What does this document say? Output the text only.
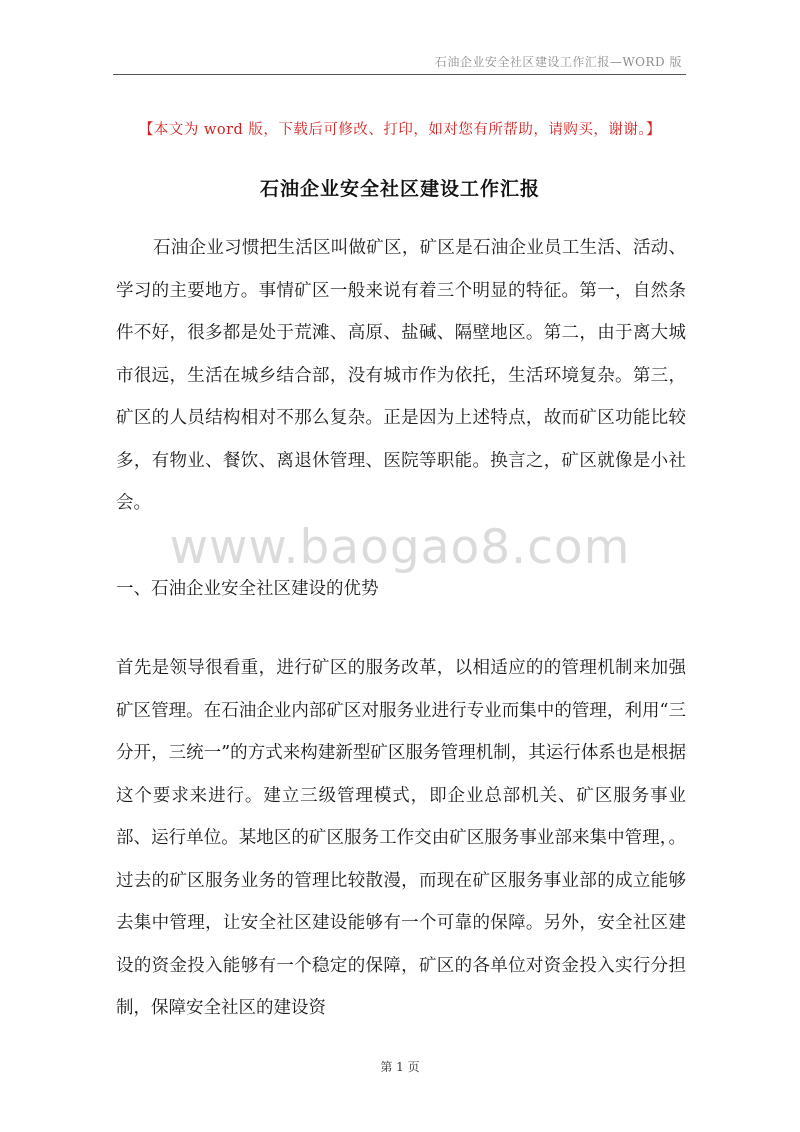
石油企业安全社区建设工作汇报—WORD 版
【本文为 word 版，下载后可修改、打印，如对您有所帮助，请购买，谢谢。】
石油企业安全社区建设工作汇报
石油企业习惯把生活区叫做矿区，矿区是石油企业员工生活、活动、学习的主要地方。事情矿区一般来说有着三个明显的特征。第一，自然条件不好，很多都是处于荒滩、高原、盐碱、隔壁地区。第二，由于离大城市很远，生活在城乡结合部，没有城市作为依托，生活环境复杂。第三，矿区的人员结构相对不那么复杂。正是因为上述特点，故而矿区功能比较多，有物业、餐饮、离退休管理、医院等职能。换言之，矿区就像是小社会。
www.baogao8.com
一、石油企业安全社区建设的优势
首先是领导很看重，进行矿区的服务改革，以相适应的的管理机制来加强矿区管理。在石油企业内部矿区对服务业进行专业而集中的管理，利用“三分开，三统一”的方式来构建新型矿区服务管理机制，其运行体系也是根据这个要求来进行。建立三级管理模式，即企业总部机关、矿区服务事业部、运行单位。某地区的矿区服务工作交由矿区服务事业部来集中管理，。过去的矿区服务业务的管理比较散漫，而现在矿区服务事业部的成立能够去集中管理，让安全社区建设能够有一个可靠的保障。另外，安全社区建设的资金投入能够有一个稳定的保障，矿区的各单位对资金投入实行分担制，保障安全社区的建设资
第 1 页
